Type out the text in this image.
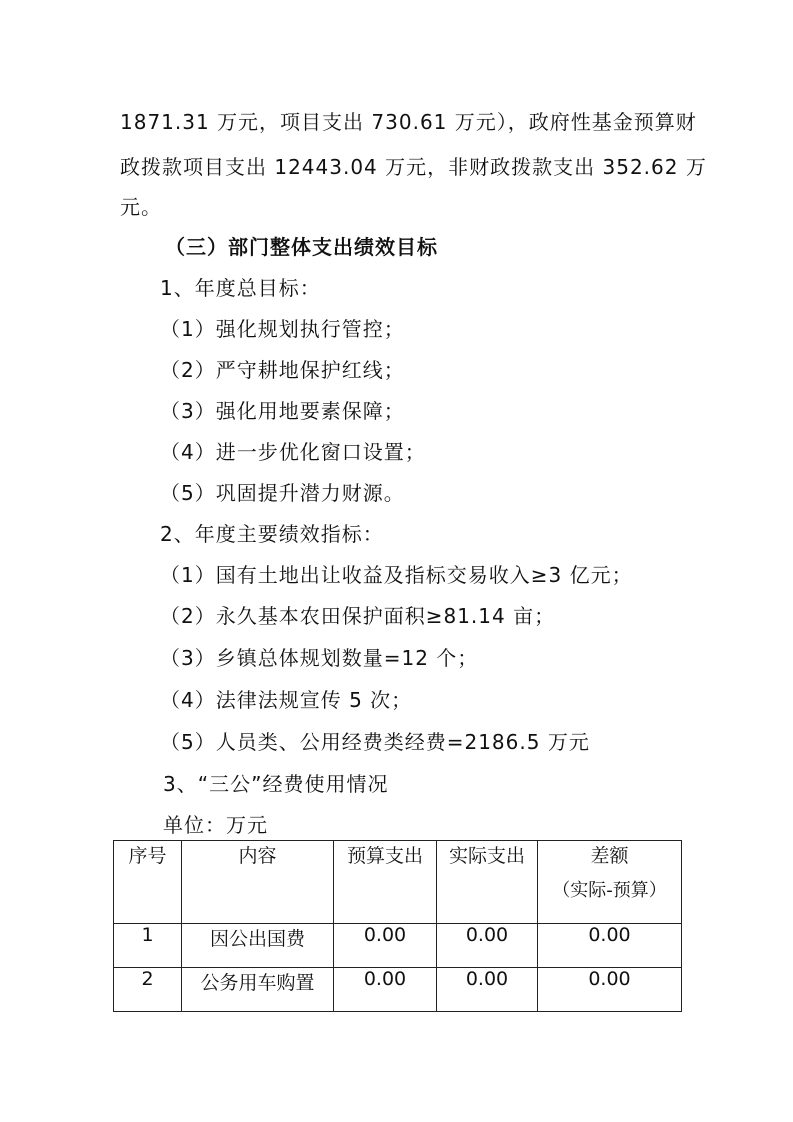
1871.31 万元，项目支出 730.61 万元），政府性基金预算财
政拨款项目支出 12443.04 万元，非财政拨款支出 352.62 万
元。
（三）部门整体支出绩效目标
1、年度总目标：
（1）强化规划执行管控；
（2）严守耕地保护红线；
（3）强化用地要素保障；
（4）进一步优化窗口设置；
（5）巩固提升潜力财源。
2、年度主要绩效指标：
（1）国有土地出让收益及指标交易收入≥3 亿元；
（2）永久基本农田保护面积≥81.14 亩；
（3）乡镇总体规划数量=12 个；
（4）法律法规宣传 5 次；
（5）人员类、公用经费类经费=2186.5 万元
3、“三公”经费使用情况
单位：万元
序号	内容	预算支出	实际支出	差额
（实际-预算）

1	因公出国费	0.00	0.00	0.00
2	公务用车购置	0.00	0.00	0.00
